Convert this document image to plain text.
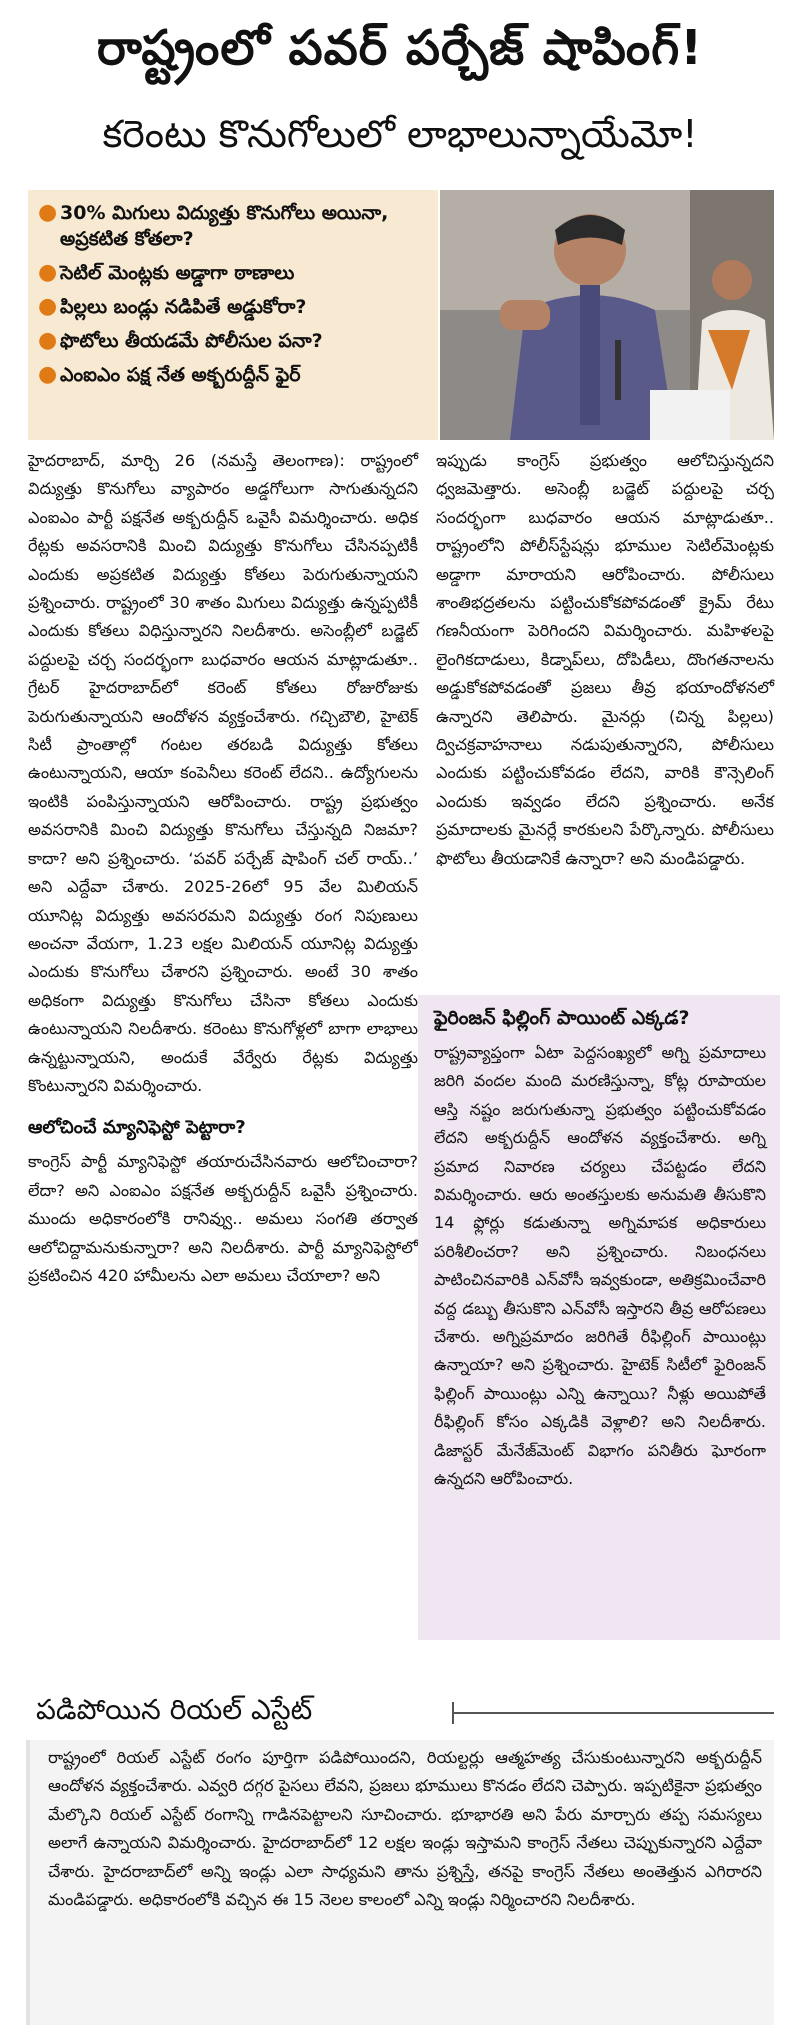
రాష్ట్రంలో పవర్ పర్చేజ్ షాపింగ్!
కరెంటు కొనుగోలులో లాభాలున్నాయేమో!
● 30% మిగులు విద్యుత్తు కొనుగోలు అయినా, అప్రకటిత కోతలా?
● సెటిల్ మెంట్లకు అడ్డాగా ఠాణాలు
● పిల్లలు బండ్లు నడిపితే అడ్డుకోరా?
● ఫొటోలు తీయడమే పోలీసుల పనా?
● ఎంఐఎం పక్ష నేత అక్బరుద్దీన్ ఫైర్

హైదరాబాద్, మార్చి 26 (నమస్తే తెలంగాణ): రాష్ట్రంలో విద్యుత్తు కొనుగోలు వ్యాపారం అడ్డగోలుగా సాగుతున్నదని ఎంఐఎం పార్టీ పక్షనేత అక్బరుద్దీన్ ఒవైసీ విమర్శించారు. అధిక రేట్లకు అవసరానికి మించి విద్యుత్తు కొనుగోలు చేసినప్పటికీ ఎందుకు అప్రకటిత విద్యుత్తు కోతలు పెరుగుతున్నాయని ప్రశ్నించారు. రాష్ట్రంలో 30 శాతం మిగులు విద్యుత్తు ఉన్నప్పటికీ ఎందుకు కోతలు విధిస్తున్నారని నిలదీశారు. అసెంబ్లీలో బడ్జెట్ పద్దులపై చర్చ సందర్భంగా బుధవారం ఆయన మాట్లాడుతూ.. గ్రేటర్ హైదరాబాద్‌లో కరెంట్ కోతలు రోజురోజుకు పెరుగుతున్నాయని ఆందోళన వ్యక్తంచేశారు. గచ్చిబౌలి, హైటెక్ సిటీ ప్రాంతాల్లో గంటల తరబడి విద్యుత్తు కోతలు ఉంటున్నాయని, ఆయా కంపెనీలు కరెంట్ లేదని.. ఉద్యోగులను ఇంటికి పంపిస్తున్నాయని ఆరోపించారు. రాష్ట్ర ప్రభుత్వం అవసరానికి మించి విద్యుత్తు కొనుగోలు చేస్తున్నది నిజమా? కాదా? అని ప్రశ్నించారు. ‘పవర్ పర్చేజ్ షాపింగ్ చల్ రాయ్..’ అని ఎద్దేవా చేశారు. 2025-26లో 95 వేల మిలియన్ యూనిట్ల విద్యుత్తు అవసరమని విద్యుత్తు రంగ నిపుణులు అంచనా వేయగా, 1.23 లక్షల మిలియన్ యూనిట్ల విద్యుత్తు ఎందుకు కొనుగోలు చేశారని ప్రశ్నించారు. అంటే 30 శాతం అధికంగా విద్యుత్తు కొనుగోలు చేసినా కోతలు ఎందుకు ఉంటున్నాయని నిలదీశారు. కరెంటు కొనుగోళ్లలో బాగా లాభాలు ఉన్నట్టున్నాయని, అందుకే వేర్వేరు రేట్లకు విద్యుత్తు కొంటున్నారని విమర్శించారు.

ఆలోచించే మ్యానిఫెస్టో పెట్టారా?

కాంగ్రెస్ పార్టీ మ్యానిఫెస్టో తయారుచేసినవారు ఆలోచించారా? లేదా? అని ఎంఐఎం పక్షనేత అక్బరుద్దీన్ ఒవైసీ ప్రశ్నించారు. ముందు అధికారంలోకి రానివ్వు.. అమలు సంగతి తర్వాత ఆలోచిద్దామనుకున్నారా? అని నిలదీశారు. పార్టీ మ్యానిఫెస్టోలో ప్రకటించిన 420 హామీలను ఎలా అమలు చేయాలా? అని

ఇప్పుడు కాంగ్రెస్ ప్రభుత్వం ఆలోచిస్తున్నదని ధ్వజమెత్తారు. అసెంబ్లీ బడ్జెట్ పద్దులపై చర్చ సందర్భంగా బుధవారం ఆయన మాట్లాడుతూ.. రాష్ట్రంలోని పోలీస్‌స్టేషన్లు భూముల సెటిల్‌మెంట్లకు అడ్డాగా మారాయని ఆరోపించారు. పోలీసులు శాంతిభద్రతలను పట్టించుకోకపోవడంతో క్రైమ్ రేటు గణనీయంగా పెరిగిందని విమర్శించారు. మహిళలపై లైంగికదాడులు, కిడ్నాప్‌లు, దోపిడీలు, దొంగతనాలను అడ్డుకోకపోవడంతో ప్రజలు తీవ్ర భయాందోళనలో ఉన్నారని తెలిపారు. మైనర్లు (చిన్న పిల్లలు) ద్విచక్రవాహనాలు నడుపుతున్నారని, పోలీసులు ఎందుకు పట్టించుకోవడం లేదని, వారికి కౌన్సెలింగ్ ఎందుకు ఇవ్వడం లేదని ప్రశ్నించారు. అనేక ప్రమాదాలకు మైనర్లే కారకులని పేర్కొన్నారు. పోలీసులు ఫొటోలు తీయడానికే ఉన్నారా? అని మండిపడ్డారు.

ఫైరింజన్ ఫిల్లింగ్ పాయింట్ ఎక్కడ?
రాష్ట్రవ్యాప్తంగా ఏటా పెద్దసంఖ్యలో అగ్ని ప్రమాదాలు జరిగి వందల మంది మరణిస్తున్నా, కోట్ల రూపాయల ఆస్తి నష్టం జరుగుతున్నా ప్రభుత్వం పట్టించుకోవడం లేదని అక్బరుద్దీన్ ఆందోళన వ్యక్తంచేశారు. అగ్ని ప్రమాద నివారణ చర్యలు చేపట్టడం లేదని విమర్శించారు. ఆరు అంతస్తులకు అనుమతి తీసుకొని 14 ఫ్లోర్లు కడుతున్నా అగ్నిమాపక అధికారులు పరిశీలించరా? అని ప్రశ్నించారు. నిబంధనలు పాటించినవారికి ఎన్‌వోసీ ఇవ్వకుండా, అతిక్రమించేవారి వద్ద డబ్బు తీసుకొని ఎన్‌వోసీ ఇస్తారని తీవ్ర ఆరోపణలు చేశారు. అగ్నిప్రమాదం జరిగితే రీఫిల్లింగ్ పాయింట్లు ఉన్నాయా? అని ప్రశ్నించారు. హైటెక్ సిటీలో ఫైరింజన్ ఫిల్లింగ్ పాయింట్లు ఎన్ని ఉన్నాయి? నీళ్లు అయిపోతే రీఫిల్లింగ్ కోసం ఎక్కడికి వెళ్లాలి? అని నిలదీశారు. డిజాస్టర్ మేనేజ్‌మెంట్ విభాగం పనితీరు ఘోరంగా ఉన్నదని ఆరోపించారు.
పడిపోయిన రియల్ ఎస్టేట్
రాష్ట్రంలో రియల్ ఎస్టేట్ రంగం పూర్తిగా పడిపోయిందని, రియల్టర్లు ఆత్మహత్య చేసుకుంటున్నారని అక్బరుద్దీన్ ఆందోళన వ్యక్తంచేశారు. ఎవ్వరి దగ్గర పైసలు లేవని, ప్రజలు భూములు కొనడం లేదని చెప్పారు. ఇప్పటికైనా ప్రభుత్వం మేల్కొని రియల్ ఎస్టేట్ రంగాన్ని గాడినపెట్టాలని సూచించారు. భూభారతి అని పేరు మార్చారు తప్ప సమస్యలు అలాగే ఉన్నాయని విమర్శించారు. హైదరాబాద్‌లో 12 లక్షల ఇండ్లు ఇస్తామని కాంగ్రెస్ నేతలు చెప్పుకున్నారని ఎద్దేవా చేశారు. హైదరాబాద్‌లో అన్ని ఇండ్లు ఎలా సాధ్యమని తాను ప్రశ్నిస్తే, తనపై కాంగ్రెస్ నేతలు అంతెత్తున ఎగిరారని మండిపడ్డారు. అధికారంలోకి వచ్చిన ఈ 15 నెలల కాలంలో ఎన్ని ఇండ్లు నిర్మించారని నిలదీశారు.
